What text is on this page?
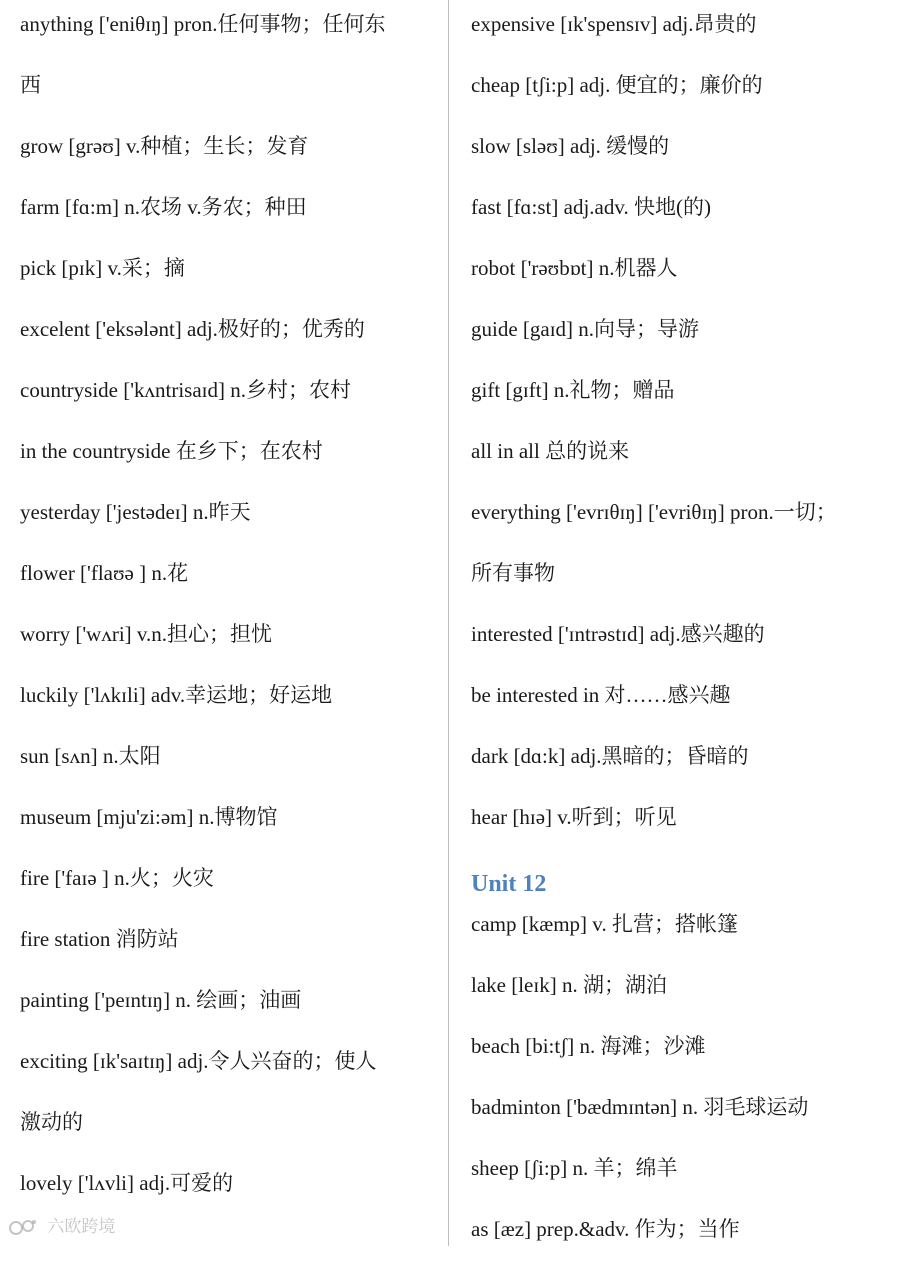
anything ['eniθɪŋ] pron.任何事物；任何东
西
grow [grəʊ] v.种植；生长；发育
farm [fɑ:m] n.农场 v.务农；种田
pick [pɪk] v.采；摘
excelent ['eksələnt] adj.极好的；优秀的
countryside ['kʌntrisaɪd] n.乡村；农村
in the countryside 在乡下；在农村
yesterday ['jestədeɪ] n.昨天
flower ['flaʊə ] n.花
worry ['wʌri] v.n.担心；担忧
luckily ['lʌkɪli] adv.幸运地；好运地
sun [sʌn] n.太阳
museum [mju'zi:əm] n.博物馆
fire ['faɪə ] n.火；火灾
fire station 消防站
painting ['peɪntɪŋ] n. 绘画；油画
exciting [ɪk'saɪtɪŋ] adj.令人兴奋的；使人
激动的
lovely ['lʌvli] adj.可爱的
expensive [ɪk'spensɪv] adj.昂贵的
cheap [tʃi:p] adj. 便宜的；廉价的
slow [sləʊ] adj. 缓慢的
fast [fɑ:st] adj.adv. 快地(的)
robot ['rəʊbɒt] n.机器人
guide [gaɪd] n.向导；导游
gift [gɪft] n.礼物；赠品
all in all 总的说来
everything ['evrɪθɪŋ] ['evriθɪŋ] pron.一切；
所有事物
interested ['ɪntrəstɪd] adj.感兴趣的
be interested in 对……感兴趣
dark [dɑ:k] adj.黑暗的；昏暗的
hear [hɪə] v.听到；听见
Unit 12
camp [kæmp] v. 扎营；搭帐篷
lake [leɪk] n. 湖；湖泊
beach [bi:tʃ] n. 海滩；沙滩
badminton ['bædmɪntən] n. 羽毛球运动
sheep [ʃi:p] n. 羊；绵羊
as [æz] prep.&adv. 作为；当作
六欧跨境
